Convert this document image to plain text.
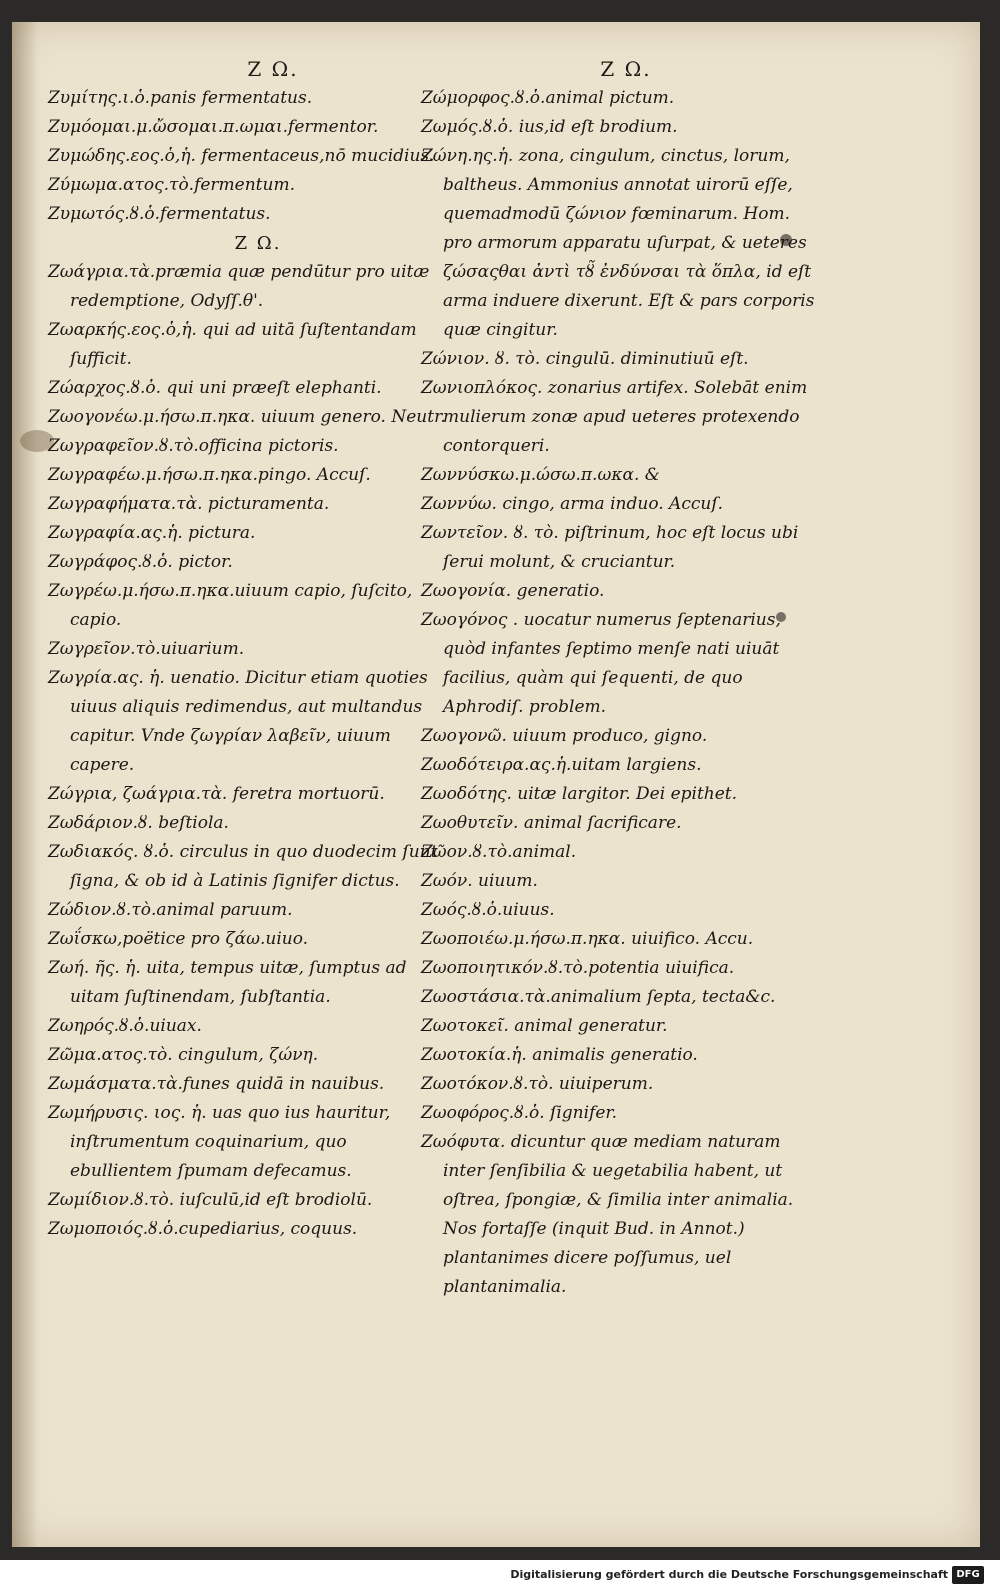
Z Ω.
Ζυμίτης.ι.ὁ.panis fermentatus.
Ζυμόομαι.μ.ὤσομαι.π.ωμαι.fermentor.
Ζυμώδης.εος.ὁ,ἡ. fermentaceus,nō mucidius.
Ζύμωμα.ατος.τὸ.fermentum.
Ζυμωτός.ȣ.ὁ.fermentatus.
Z Ω.
Ζωάγρια.τὰ.præmia quæ pendūtur pro uitæ redemptione, Odyſſ.θ'.
Ζωαρκής.εος.ὁ,ἡ. qui ad uitā ſuſtentandam ſufficit.
Ζώαρχος.ȣ.ὁ. qui uni præeſt elephanti.
Ζωογονέω.μ.ήσω.π.ηκα. uiuum genero. Neutr.
Ζωγραφεῖον.ȣ.τὸ.officina pictoris.
Ζωγραφέω.μ.ήσω.π.ηκα.pingo. Accuſ.
Ζωγραφήματα.τὰ. picturamenta.
Ζωγραφία.ας.ἡ. pictura.
Ζωγράφος.ȣ.ὁ. pictor.
Ζωγρέω.μ.ήσω.π.ηκα.uiuum capio, ſuſcito, capio.
Ζωγρεῖον.τὸ.uiuarium.
Ζωγρία.ας. ἡ. uenatio. Dicitur etiam quoties uiuus aliquis redimendus, aut multandus capitur. Vnde ζωγρίαν λαβεῖν, uiuum capere.
Ζώγρια, ζωάγρια.τὰ. feretra mortuorū.
Ζωδάριον.ȣ. beſtiola.
Ζωδιακός. ȣ.ὁ. circulus in quo duodecim ſunt ſigna, & ob id à Latinis ſignifer dictus.
Ζώδιον.ȣ.τὸ.animal paruum.
Ζωΐσκω,poëtice pro ζάω.uiuo.
Ζωή. ῆς. ἡ. uita, tempus uitæ, ſumptus ad uitam ſuſtinendam, ſubſtantia.
Ζωηρός.ȣ.ὁ.uiuax.
Ζῶμα.ατος.τὸ. cingulum, ζώνη.
Ζωμάσματα.τὰ.funes quidā in nauibus.
Ζωμήρυσις. ιος. ἡ. uas quo ius hauritur, inſtrumentum coquinarium, quo ebullientem ſpumam defecamus.
Ζωμίδιον.ȣ.τὸ. iuſculū,id eſt brodiolū.
Ζωμοποιός.ȣ.ὁ.cupediarius, coquus.
Z Ω.
Ζώμορφος.ȣ.ὁ.animal pictum.
Ζωμός.ȣ.ὁ. ius,id eſt brodium.
Ζώνη.ης.ἡ. zona, cingulum, cinctus, lorum, baltheus. Ammonius annotat uirorū eſſe, quemadmodū ζώνιον fœminarum. Hom. pro armorum apparatu uſurpat, & ueteres ζώσαςθαι ἀντὶ τȣ̃ ἐνδύνσαι τὰ ὅπλα, id eſt arma induere dixerunt. Eſt & pars corporis quæ cingitur.
Ζώνιον. ȣ. τὸ. cingulū. diminutiuū eſt.
Ζωνιοπλόκος. zonarius artifex. Solebāt enim mulierum zonæ apud ueteres protexendo contorqueri.
Ζωννύσκω.μ.ώσω.π.ωκα. &
Ζωννύω. cingo, arma induo. Accuſ.
Ζωντεῖον. ȣ. τὸ. piſtrinum, hoc eſt locus ubi ſerui molunt, & cruciantur.
Ζωογονία. generatio.
Ζωογόνος . uocatur numerus ſeptenarius, quòd infantes ſeptimo menſe nati uiuāt facilius, quàm qui ſequenti, de quo Aphrodiſ. problem.
Ζωογονῶ. uiuum produco, gigno.
Ζωοδότειρα.ας.ἡ.uitam largiens.
Ζωοδότης. uitæ largitor. Dei epithet.
Ζωοθυτεῖν. animal ſacrificare.
Ζῶον.ȣ.τὸ.animal.
Ζωόν. uiuum.
Ζωός.ȣ.ὁ.uiuus.
Ζωοποιέω.μ.ήσω.π.ηκα. uiuifico. Accu.
Ζωοποιητικόν.ȣ.τὸ.potentia uiuifica.
Ζωοστάσια.τὰ.animalium ſepta, tecta&c.
Ζωοτοκεῖ. animal generatur.
Ζωοτοκία.ἡ. animalis generatio.
Ζωοτόκον.ȣ.τὸ. uiuiperum.
Ζωοφόρος.ȣ.ὁ. ſignifer.
Ζωόφυτα. dicuntur quæ mediam naturam inter ſenſibilia & uegetabilia habent, ut oſtrea, ſpongiæ, & ſimilia inter animalia. Nos fortaſſe (inquit Bud. in Annot.) plantanimes dicere poſſumus, uel plantanimalia.
Digitalisierung gefördert durch die Deutsche Forschungsgemeinschaft DFG
